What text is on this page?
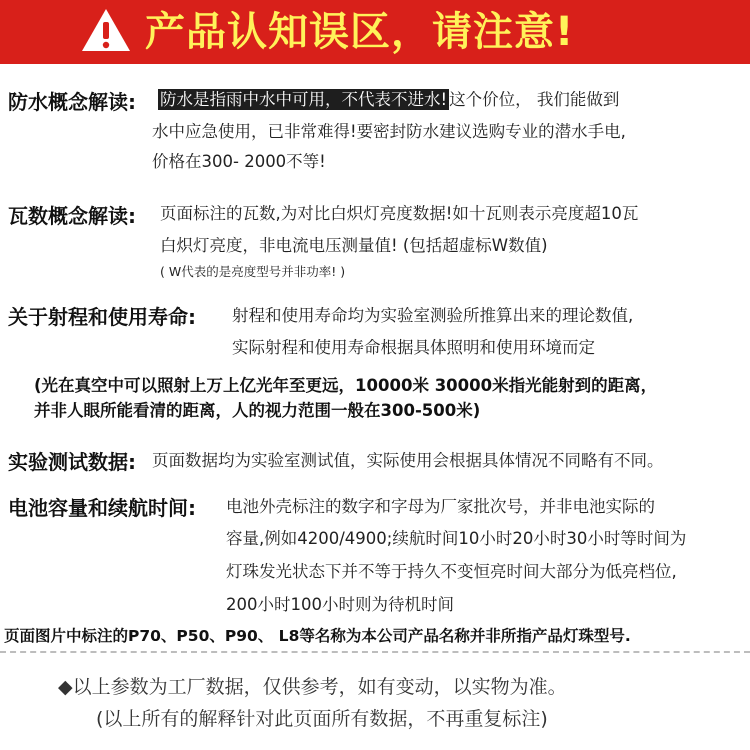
产品认知误区，请注意!
防水概念解读: 防水是指雨中水中可用，不代表不进水! 这个价位， 我们能做到
水中应急使用，已非常难得!要密封防水建议选购专业的潜水手电,
价格在300- 2000不等!
瓦数概念解读: 页面标注的瓦数,为对比白炽灯亮度数据!如十瓦则表示亮度超10瓦
白炽灯亮度，非电流电压测量值! (包括超虚标W数值)
( W代表的是亮度型号并非功率! )
关于射程和使用寿命: 射程和使用寿命均为实验室测验所推算出来的理论数值,
实际射程和使用寿命根据具体照明和使用环境而定
(光在真空中可以照射上万上亿光年至更远，10000米 30000米指光能射到的距离，
并非人眼所能看清的距离，人的视力范围一般在300-500米)
实验测试数据: 页面数据均为实验室测试值，实际使用会根据具体情况不同略有不同。
电池容量和续航时间: 电池外壳标注的数字和字母为厂家批次号，并非电池实际的
容量,例如4200/4900;续航时间10小时20小时30小时等时间为
灯珠发光状态下并不等于持久不变恒亮时间大部分为低亮档位,
200小时100小时则为待机时间
页面图片中标注的P70、P50、P90、 L8等名称为本公司产品名称并非所指产品灯珠型号.
◆以上参数为工厂数据，仅供参考，如有变动，以实物为准。
(以上所有的解释针对此页面所有数据，不再重复标注)
